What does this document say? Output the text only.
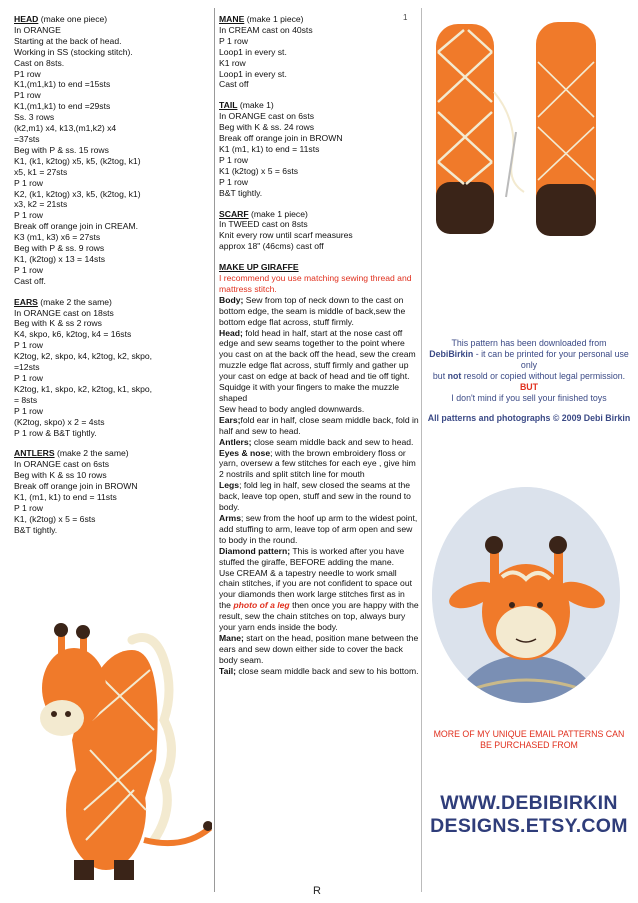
1
HEAD (make one piece)
In ORANGE
Starting at the back of head.
Working in SS (stocking stitch).
Cast on 8sts.
P1 row
K1,(m1,k1) to end =15sts
P1 row
K1,(m1,k1) to end =29sts
Ss. 3 rows
(k2,m1) x4, k13,(m1,k2) x4
=37sts
Beg with P & ss. 15 rows
K1, (k1, k2tog) x5, k5, (k2tog, k1)
x5, k1 = 27sts
P 1 row
K2, (k1, k2tog) x3, k5, (k2tog, k1)
x3, k2 = 21sts
P 1 row
Break off orange join in CREAM.
K3 (m1, k3) x6 = 27sts
Beg with P & ss. 9 rows
K1, (k2tog) x 13 = 14sts
P 1 row
Cast off.
EARS (make 2 the same)
In ORANGE cast on 18sts
Beg with K & ss 2 rows
K4, skpo, k6, k2tog, k4 = 16sts
P 1 row
K2tog, k2, skpo, k4, k2tog, k2, skpo,
=12sts
P 1 row
K2tog, k1, skpo, k2, k2tog, k1, skpo,
= 8sts
P 1 row
(K2tog, skpo) x 2 = 4sts
P 1 row & B&T tightly.
ANTLERS (make 2 the same)
In ORANGE cast on 6sts
Beg with K & ss 10 rows
Break off orange join in BROWN
K1, (m1, k1) to end = 11sts
P 1 row
K1, (k2tog) x 5 = 6sts
B&T tightly.
MANE (make 1 piece)
In CREAM cast on 40sts
P 1 row
Loop1 in every st.
K1 row
Loop1 in every st.
Cast off
TAIL (make 1)
In ORANGE cast on 6sts
Beg with K & ss. 24 rows
Break off orange join in BROWN
K1 (m1, k1) to end = 11sts
P 1 row
K1 (k2tog) x 5 = 6sts
P 1 row
B&T tightly.
SCARF (make 1 piece)
In TWEED cast on 8sts
Knit every row until scarf measures
approx 18" (46cms) cast off
MAKE UP GIRAFFE
I recommend you use matching sewing thread and mattress stitch.
Body; Sew from top of neck down to the cast on bottom edge, the seam is middle of back,sew the bottom edge flat across, stuff firmly.
Head; fold head in half, start at the nose cast off edge and sew seams together to the point where you cast on at the back off the head, sew the cream muzzle edge flat across, stuff firmly and gather up your cast on edge at back of head and tie off tight. Squidge it with your fingers to make the muzzle shaped
Sew head to body angled downwards.
Ears;fold ear in half, close seam middle back, fold in half and sew to head.
Antlers; close seam middle back and sew to head.
Eyes & nose; with the brown embroidery floss or yarn, oversew a few stitches for each eye , give him 2 nostrils and split stitch line for mouth
Legs; fold leg in half, sew closed the seams at the back, leave top open, stuff and sew in the round to body.
Arms; sew from the hoof up arm to the widest point, add stuffing to arm, leave top of arm open and sew to body in the round.
Diamond pattern; This is worked after you have stuffed the giraffe, BEFORE adding the mane.
Use CREAM & a tapestry needle to work small chain stitches, if you are not confident to space out your diamonds then work large stitches first as in the photo of a leg then once you are happy with the result, sew the chain stitches on top, always bury your yarn ends inside the body.
Mane; start on the head, position mane between the ears and sew down either side to cover the back body seam.
Tail; close seam middle back and sew to his bottom.
This pattern has been downloaded from
DebiBirkin - it can be printed for your personal use only
but not resold or copied without legal permission.
BUT
I don't mind if you sell your finished toys
All patterns and photographs © 2009 Debi Birkin
MORE OF MY UNIQUE EMAIL PATTERNS CAN BE PURCHASED FROM
WWW.DEBIBIRKIN
DESIGNS.ETSY.COM
R
